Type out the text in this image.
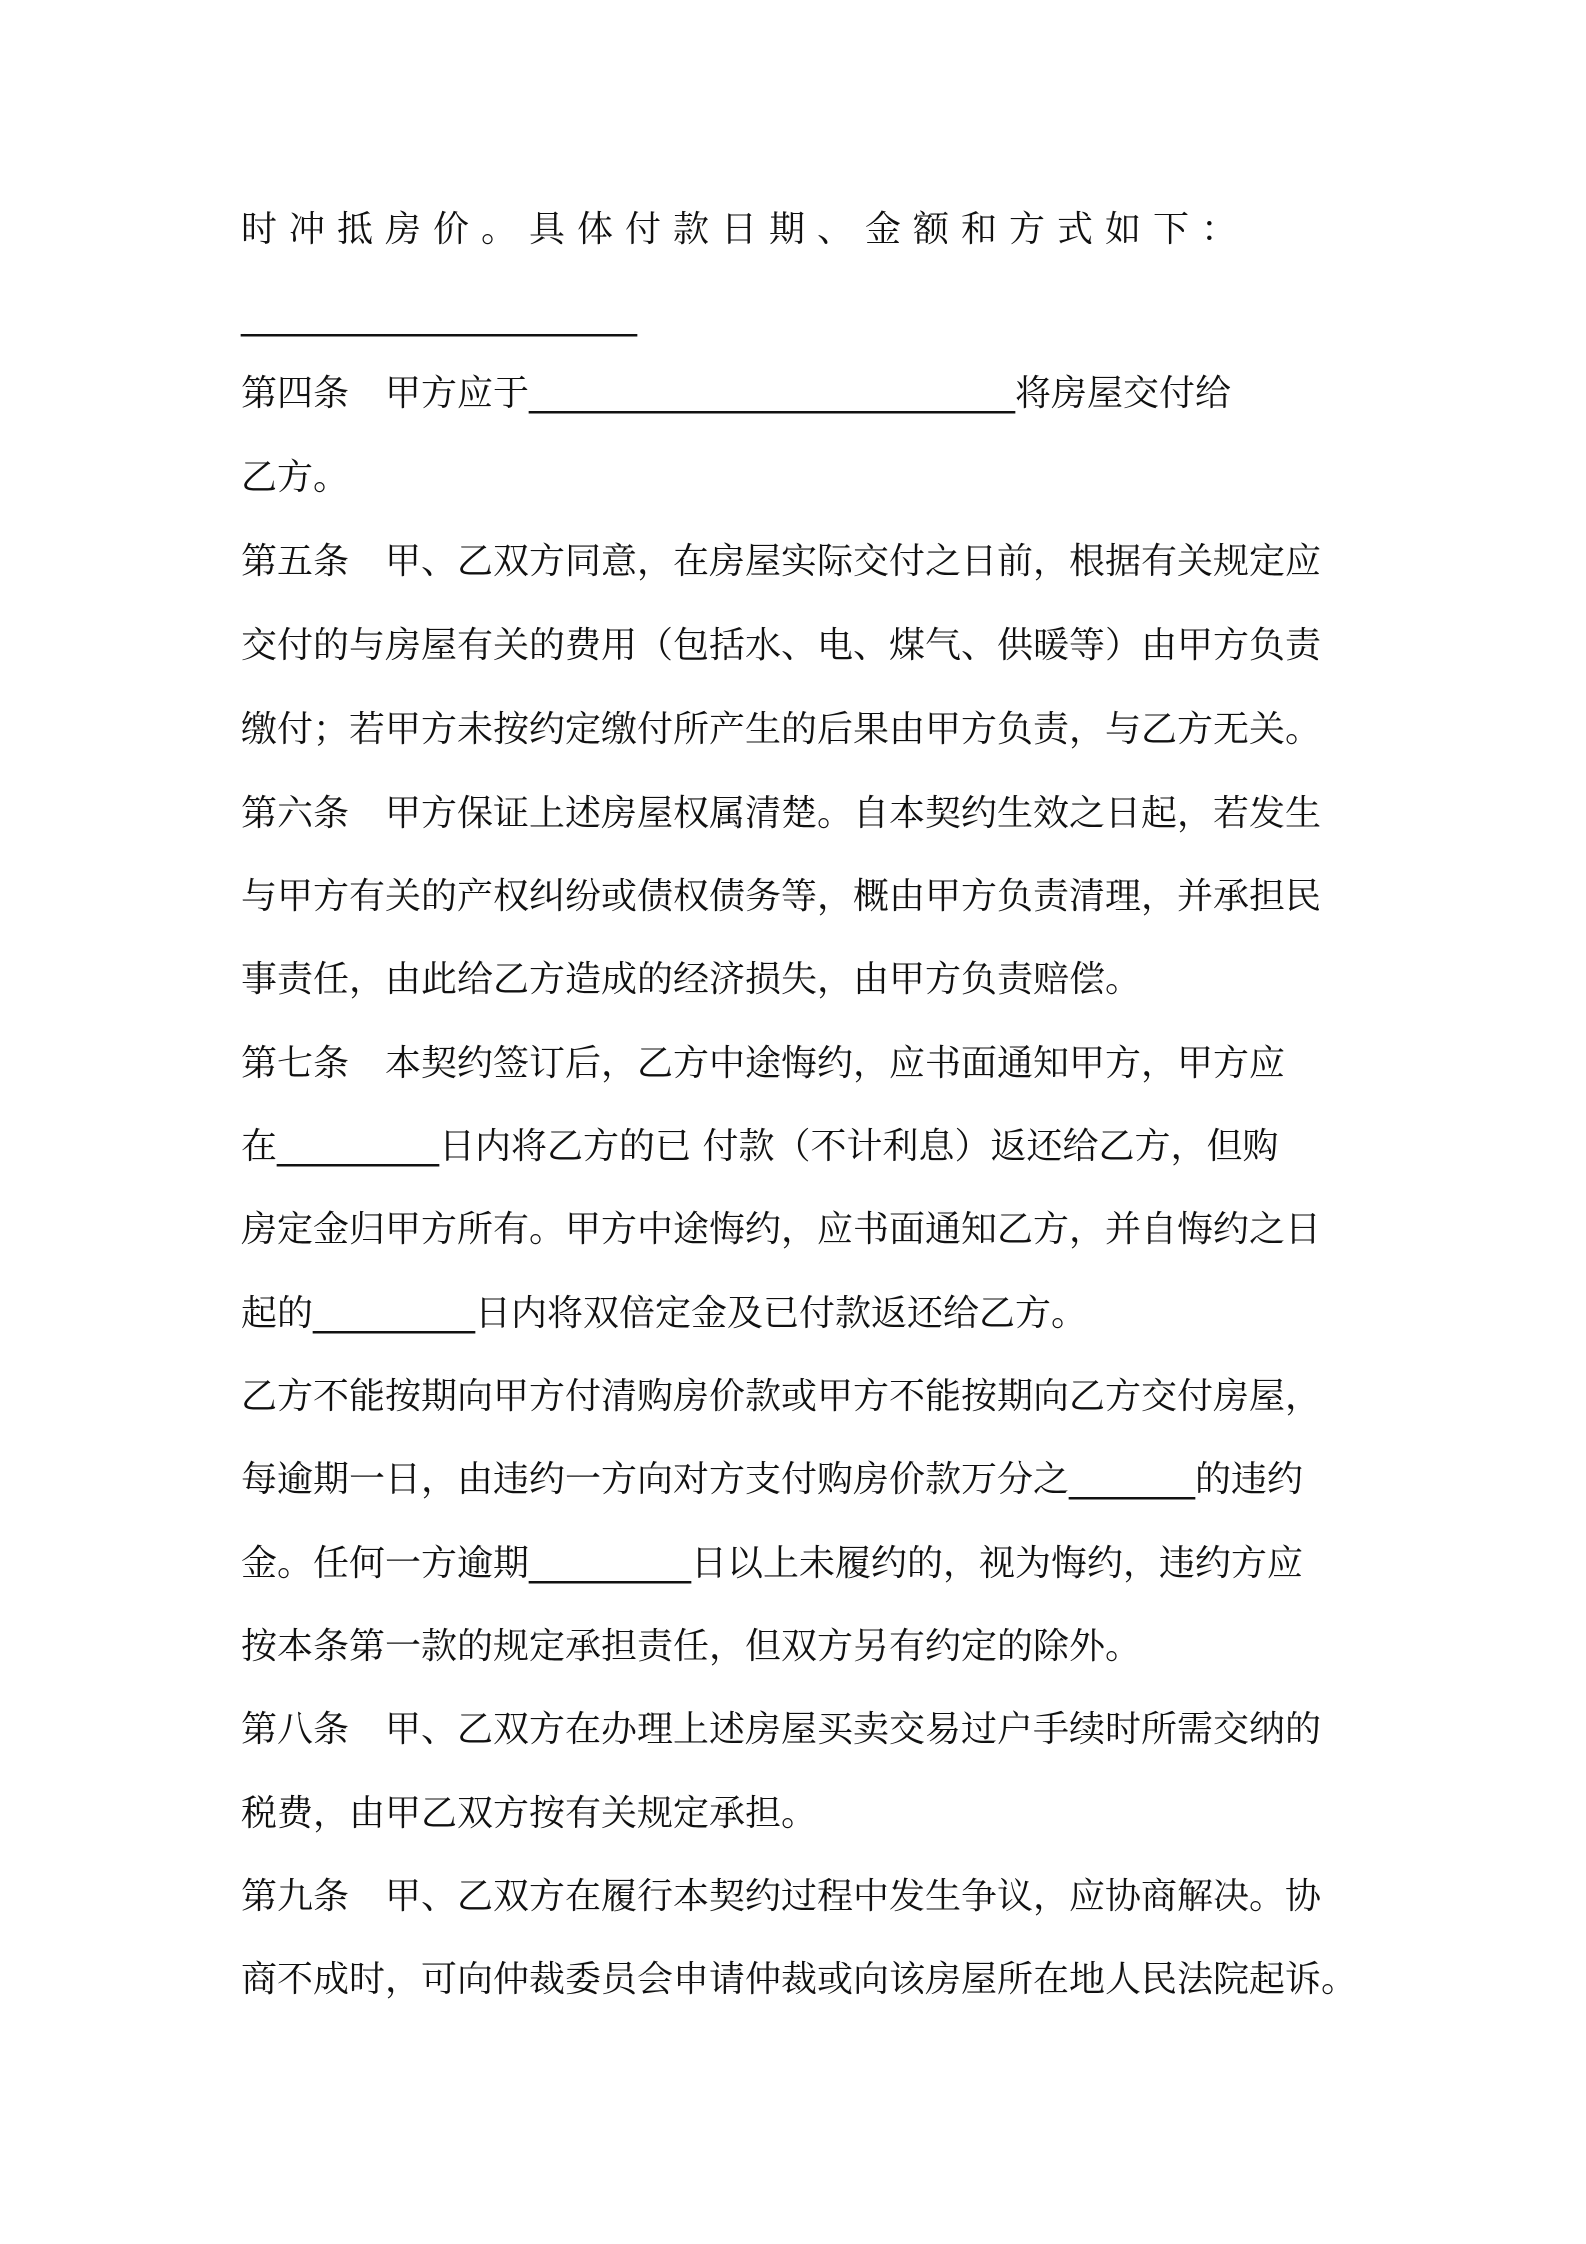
时冲抵房价。具体付款日期、金额和方式如下：
______________________
第四条　甲方应于___________________________将房屋交付给
乙方。
第五条　甲、乙双方同意，在房屋实际交付之日前，根据有关规定应
交付的与房屋有关的费用（包括水、电、煤气、供暖等）由甲方负责
缴付；若甲方未按约定缴付所产生的后果由甲方负责，与乙方无关。
第六条　甲方保证上述房屋权属清楚。自本契约生效之日起，若发生
与甲方有关的产权纠纷或债权债务等，概由甲方负责清理，并承担民
事责任，由此给乙方造成的经济损失，由甲方负责赔偿。
第七条　本契约签订后，乙方中途悔约，应书面通知甲方，甲方应
在_________日内将乙方的已 付款（不计利息）返还给乙方，但购
房定金归甲方所有。甲方中途悔约，应书面通知乙方，并自悔约之日
起的_________日内将双倍定金及已付款返还给乙方。
乙方不能按期向甲方付清购房价款或甲方不能按期向乙方交付房屋，
每逾期一日，由违约一方向对方支付购房价款万分之_______的违约
金。任何一方逾期_________日以上未履约的，视为悔约，违约方应
按本条第一款的规定承担责任，但双方另有约定的除外。
第八条　甲、乙双方在办理上述房屋买卖交易过户手续时所需交纳的
税费，由甲乙双方按有关规定承担。
第九条　甲、乙双方在履行本契约过程中发生争议，应协商解决。协
商不成时，可向仲裁委员会申请仲裁或向该房屋所在地人民法院起诉。
